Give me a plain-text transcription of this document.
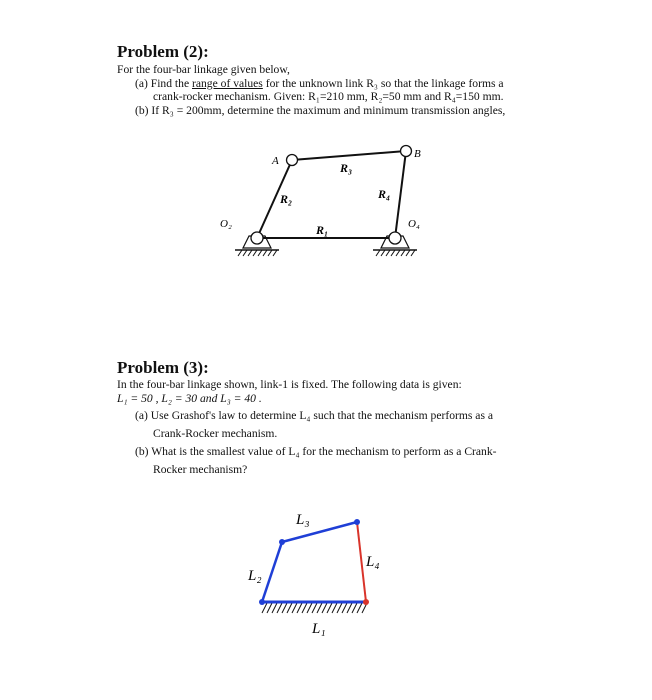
Problem (2):
For the four-bar linkage given below,
(a) Find the range of values for the unknown link R₃ so that the linkage forms a
crank-rocker mechanism. Given: R₁=210 mm, R₂=50 mm and R₄=150 mm.
(b) If R₃ = 200mm, determine the maximum and minimum transmission angles,
A
B
R₃
R₄
R₂
R₁
O₂	O₄
Problem (3):
In the four-bar linkage shown, link-1 is fixed. The following data is given:
L₁ = 50 , L₂ = 30 and L₃ = 40 .
(a) Use Grashof's law to determine L₄ such that the mechanism performs as a
Crank-Rocker mechanism.
(b) What is the smallest value of L₄ for the mechanism to perform as a Crank-
Rocker mechanism?
L₃
L₄
L₂
L₁
